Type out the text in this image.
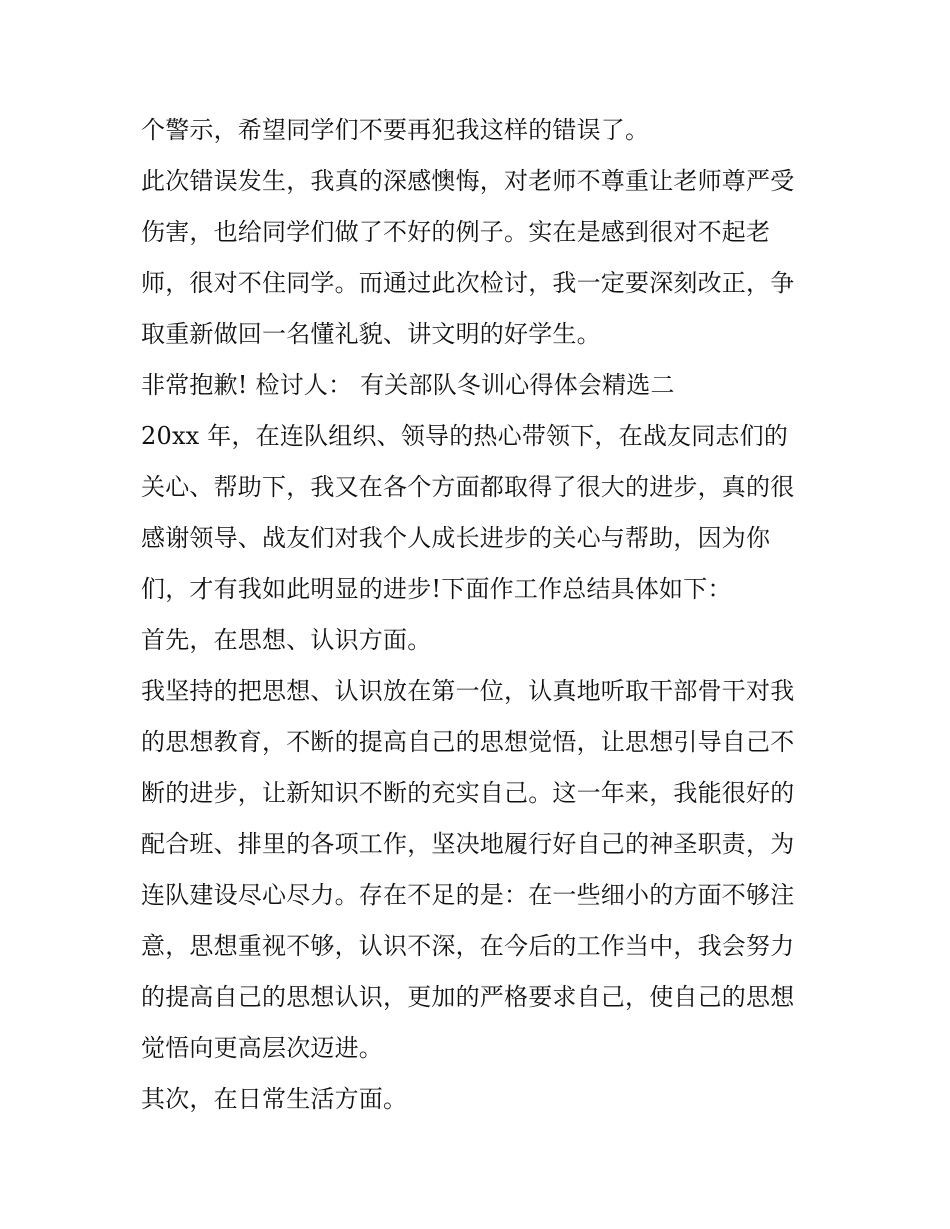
个警示，希望同学们不要再犯我这样的错误了。
此次错误发生，我真的深感懊悔，对老师不尊重让老师尊严受
伤害，也给同学们做了不好的例子。实在是感到很对不起老
师，很对不住同学。而通过此次检讨，我一定要深刻改正，争
取重新做回一名懂礼貌、讲文明的好学生。
非常抱歉! 检讨人： 有关部队冬训心得体会精选二
20xx 年，在连队组织、领导的热心带领下，在战友同志们的
关心、帮助下，我又在各个方面都取得了很大的进步，真的很
感谢领导、战友们对我个人成长进步的关心与帮助，因为你
们，才有我如此明显的进步!下面作工作总结具体如下：
首先，在思想、认识方面。
我坚持的把思想、认识放在第一位，认真地听取干部骨干对我
的思想教育，不断的提高自己的思想觉悟，让思想引导自己不
断的进步，让新知识不断的充实自己。这一年来，我能很好的
配合班、排里的各项工作，坚决地履行好自己的神圣职责，为
连队建设尽心尽力。存在不足的是：在一些细小的方面不够注
意，思想重视不够，认识不深，在今后的工作当中，我会努力
的提高自己的思想认识，更加的严格要求自己，使自己的思想
觉悟向更高层次迈进。
其次，在日常生活方面。
